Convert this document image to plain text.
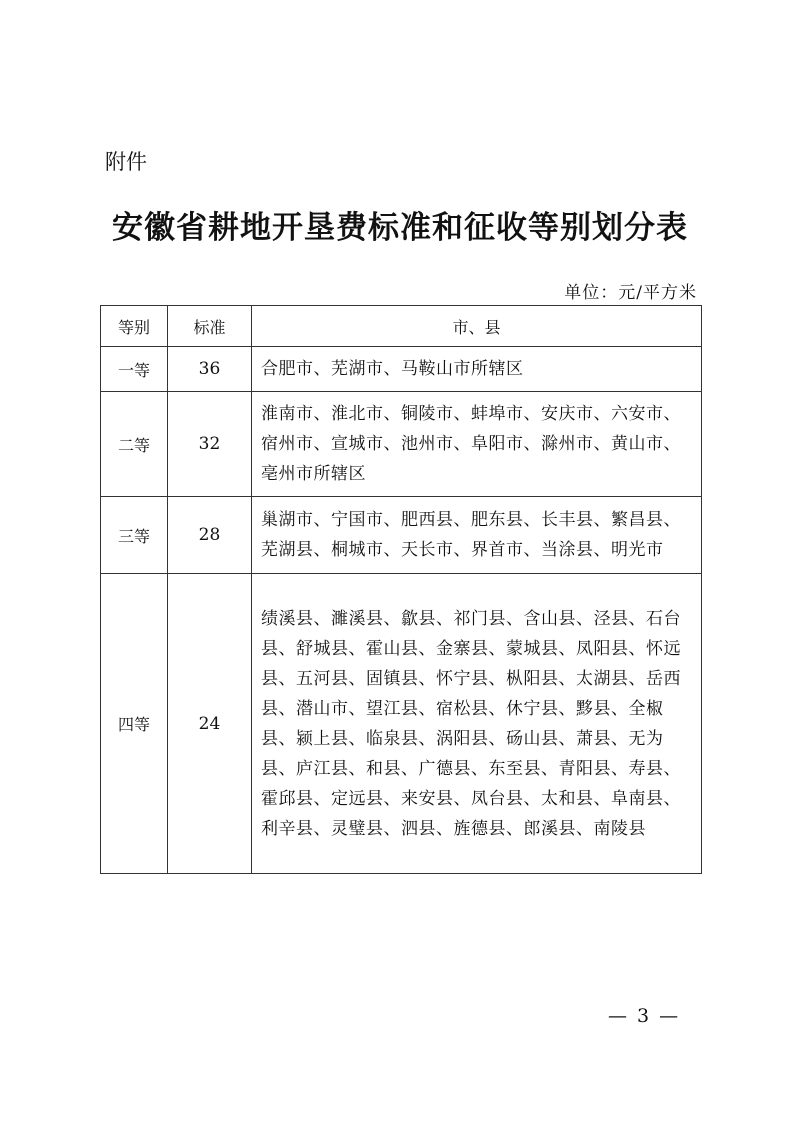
附件
安徽省耕地开垦费标准和征收等别划分表
单位：元/平方米
等别	标准	市、县
一等	36	合肥市、芜湖市、马鞍山市所辖区
二等	32	淮南市、淮北市、铜陵市、蚌埠市、安庆市、六安市、宿州市、宣城市、池州市、阜阳市、滁州市、黄山市、亳州市所辖区
三等	28	巢湖市、宁国市、肥西县、肥东县、长丰县、繁昌县、芜湖县、桐城市、天长市、界首市、当涂县、明光市
四等	24	绩溪县、濉溪县、歙县、祁门县、含山县、泾县、石台县、舒城县、霍山县、金寨县、蒙城县、凤阳县、怀远县、五河县、固镇县、怀宁县、枞阳县、太湖县、岳西县、潜山市、望江县、宿松县、休宁县、黟县、全椒县、颍上县、临泉县、涡阳县、砀山县、萧县、无为县、庐江县、和县、广德县、东至县、青阳县、寿县、霍邱县、定远县、来安县、凤台县、太和县、阜南县、利辛县、灵璧县、泗县、旌德县、郎溪县、南陵县
— 3 —
